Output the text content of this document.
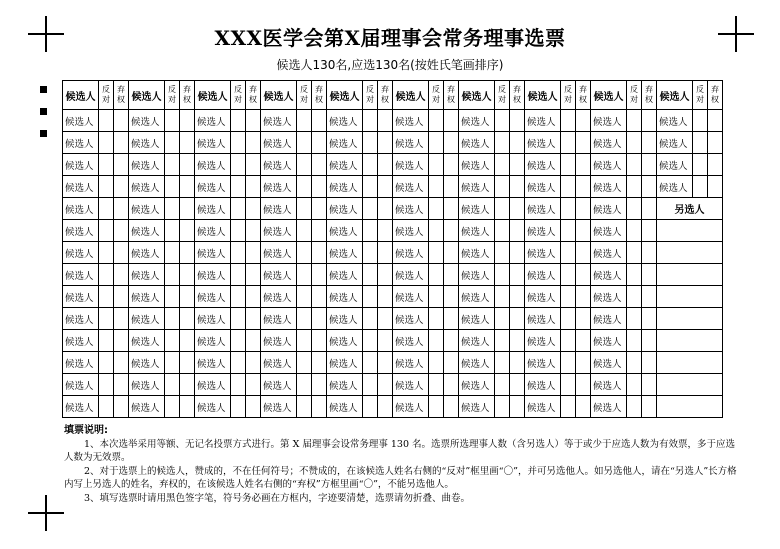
XXX医学会第X届理事会常务理事选票
候选人130名,应选130名(按姓氏笔画排序)
候选人	反对	弃权	候选人	反对	弃权	候选人	反对	弃权	候选人	反对	弃权	候选人	反对	弃权	候选人	反对	弃权	候选人	反对	弃权	候选人	反对	弃权	候选人	反对	弃权	候选人	反对	弃权
候选人			候选人			候选人			候选人			候选人			候选人			候选人			候选人			候选人			候选人		
候选人			候选人			候选人			候选人			候选人			候选人			候选人			候选人			候选人			候选人		
候选人			候选人			候选人			候选人			候选人			候选人			候选人			候选人			候选人			候选人		
候选人			候选人			候选人			候选人			候选人			候选人			候选人			候选人			候选人			候选人		
候选人			候选人			候选人			候选人			候选人			候选人			候选人			候选人			候选人			另选人		
候选人			候选人			候选人			候选人			候选人			候选人			候选人			候选人			候选人					
候选人			候选人			候选人			候选人			候选人			候选人			候选人			候选人			候选人					
候选人			候选人			候选人			候选人			候选人			候选人			候选人			候选人			候选人					
候选人			候选人			候选人			候选人			候选人			候选人			候选人			候选人			候选人					
候选人			候选人			候选人			候选人			候选人			候选人			候选人			候选人			候选人					
候选人			候选人			候选人			候选人			候选人			候选人			候选人			候选人			候选人					
候选人			候选人			候选人			候选人			候选人			候选人			候选人			候选人			候选人					
候选人			候选人			候选人			候选人			候选人			候选人			候选人			候选人			候选人					
候选人			候选人			候选人			候选人			候选人			候选人			候选人			候选人			候选人					
填票说明:

1、本次选举采用等额、无记名投票方式进行。第 X 届理事会设常务理事 130 名。选票所选理事人数（含另选人）等于或少于应选人数为有效票，多于应选人数为无效票。

2、对于选票上的候选人，赞成的，不在任何符号；不赞成的，在该候选人姓名右侧的“反对”框里画“〇”，并可另选他人。如另选他人，请在“另选人”长方格内写上另选人的姓名，弃权的，在该候选人姓名右侧的“弃权”方框里画“〇”，不能另选他人。

3、填写选票时请用黑色签字笔，符号务必画在方框内，字迹要清楚，选票请勿折叠、曲卷。
